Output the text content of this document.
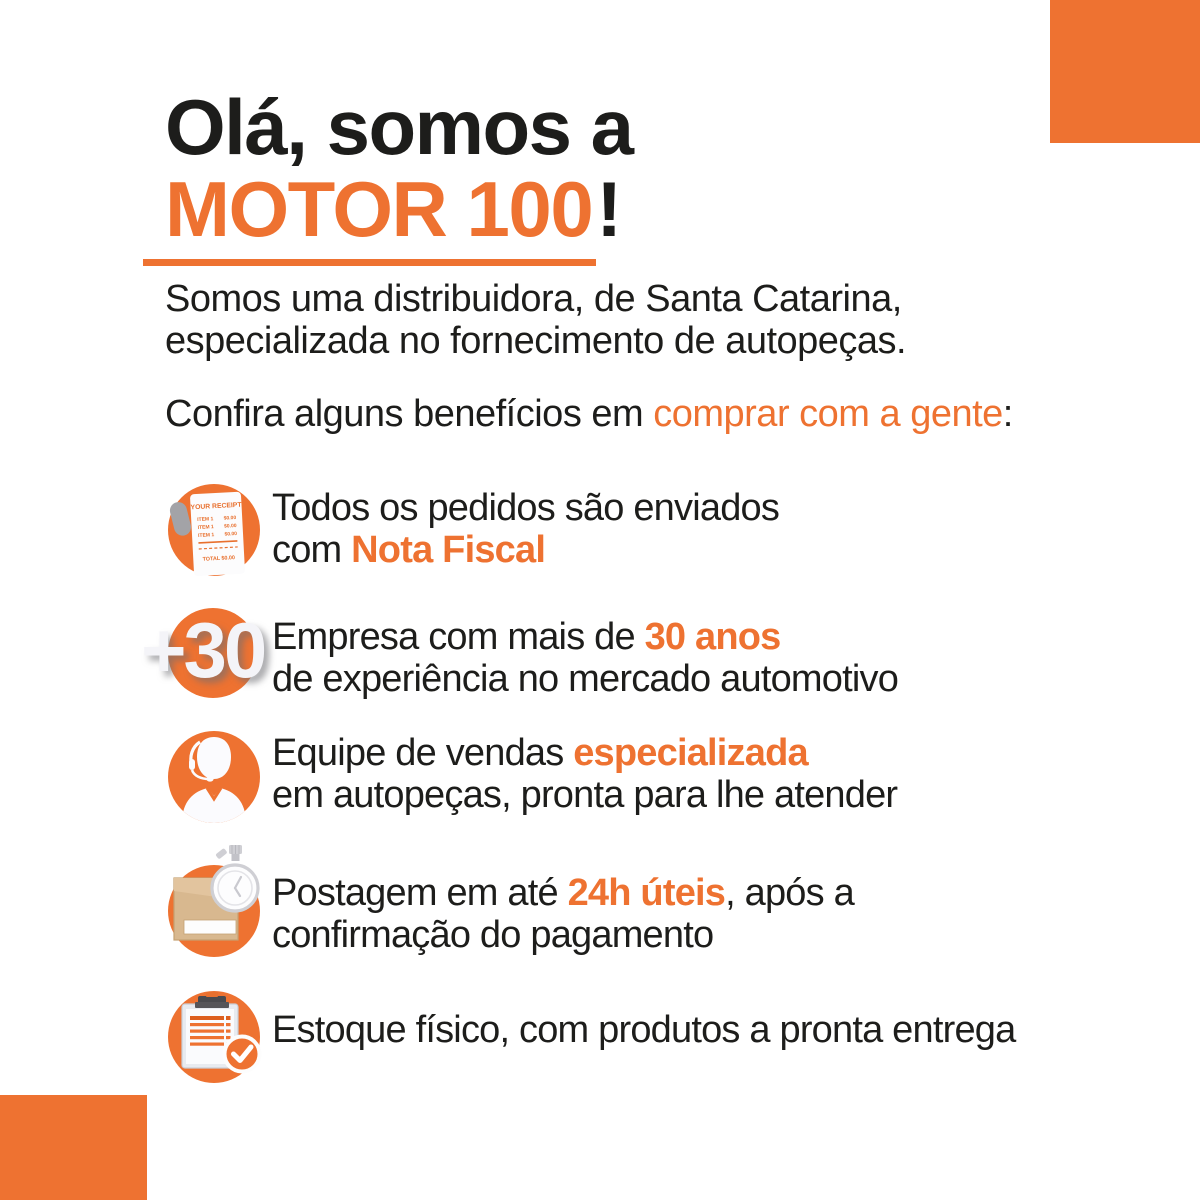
Olá, somos a
MOTOR 100!

Somos uma distribuidora, de Santa Catarina,
especializada no fornecimento de autopeças.

Confira alguns benefícios em comprar com a gente:

YOUR RECEIPT
ITEM 1 $0.00
ITEM 1 $0.00
ITEM 1 $0.00
TOTAL $0.00

Todos os pedidos são enviados
com Nota Fiscal

+30 Empresa com mais de 30 anos
de experiência no mercado automotivo

Equipe de vendas especializada
em autopeças, pronta para lhe atender

Postagem em até 24h úteis, após a
confirmação do pagamento

Estoque físico, com produtos a pronta entrega
